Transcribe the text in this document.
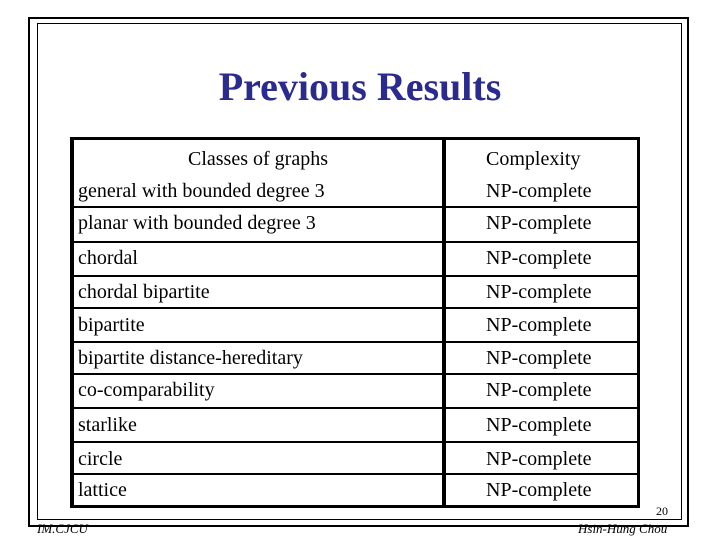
Previous Results
Classes of graphs	Complexity
general with bounded degree 3	NP-complete
planar with bounded degree 3	NP-complete
chordal	NP-complete
chordal bipartite	NP-complete
bipartite	NP-complete
bipartite distance-hereditary	NP-complete
co-comparability	NP-complete
starlike	NP-complete
circle	NP-complete
lattice	NP-complete
20
IM.CJCU	Hsin-Hung Chou
